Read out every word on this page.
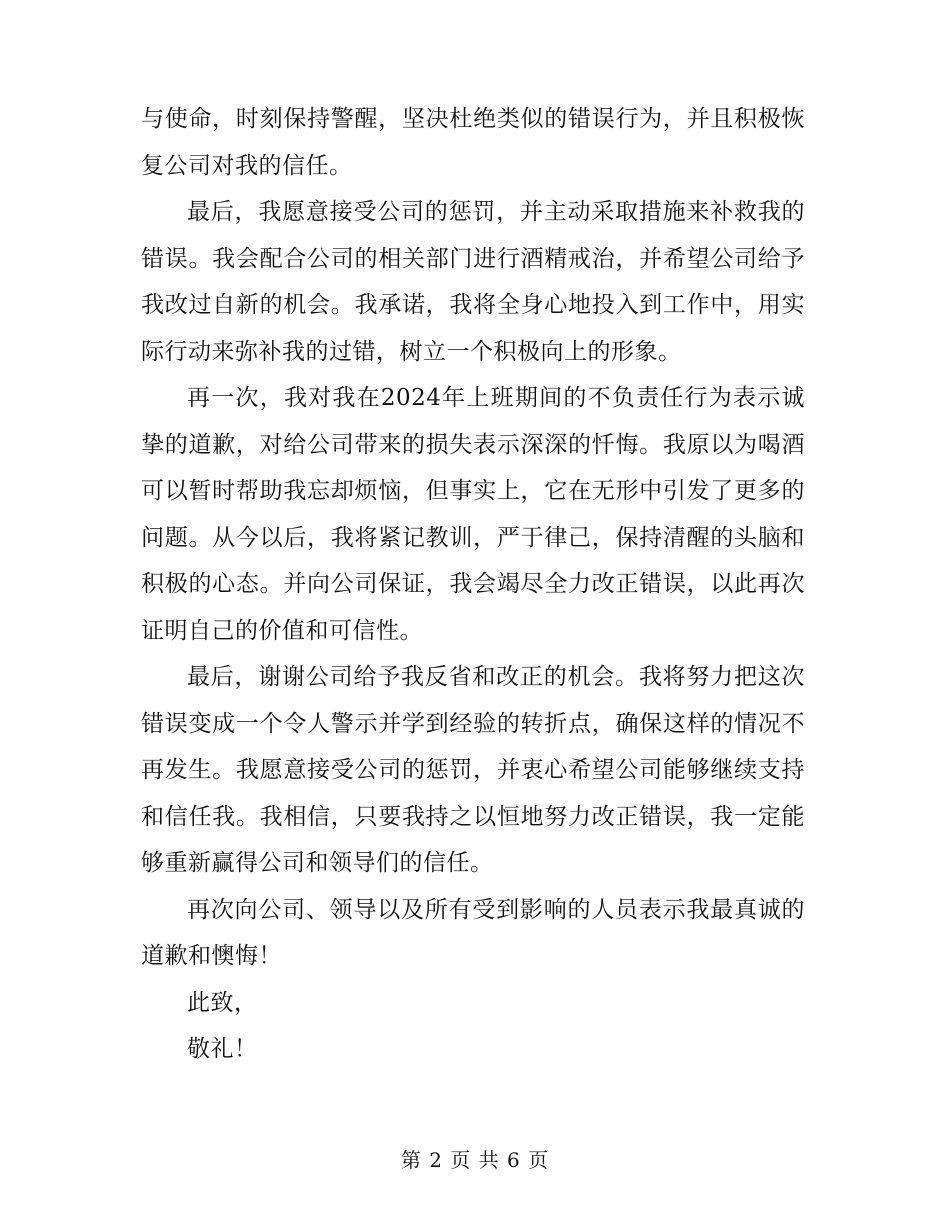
与使命，时刻保持警醒，坚决杜绝类似的错误行为，并且积极恢复公司对我的信任。

最后，我愿意接受公司的惩罚，并主动采取措施来补救我的错误。我会配合公司的相关部门进行酒精戒治，并希望公司给予我改过自新的机会。我承诺，我将全身心地投入到工作中，用实际行动来弥补我的过错，树立一个积极向上的形象。

再一次，我对我在2024年上班期间的不负责任行为表示诚挚的道歉，对给公司带来的损失表示深深的忏悔。我原以为喝酒可以暂时帮助我忘却烦恼，但事实上，它在无形中引发了更多的问题。从今以后，我将紧记教训，严于律己，保持清醒的头脑和积极的心态。并向公司保证，我会竭尽全力改正错误，以此再次证明自己的价值和可信性。

最后，谢谢公司给予我反省和改正的机会。我将努力把这次错误变成一个令人警示并学到经验的转折点，确保这样的情况不再发生。我愿意接受公司的惩罚，并衷心希望公司能够继续支持和信任我。我相信，只要我持之以恒地努力改正错误，我一定能够重新赢得公司和领导们的信任。

再次向公司、领导以及所有受到影响的人员表示我最真诚的道歉和懊悔！

此致，

敬礼！

第 2 页 共 6 页
